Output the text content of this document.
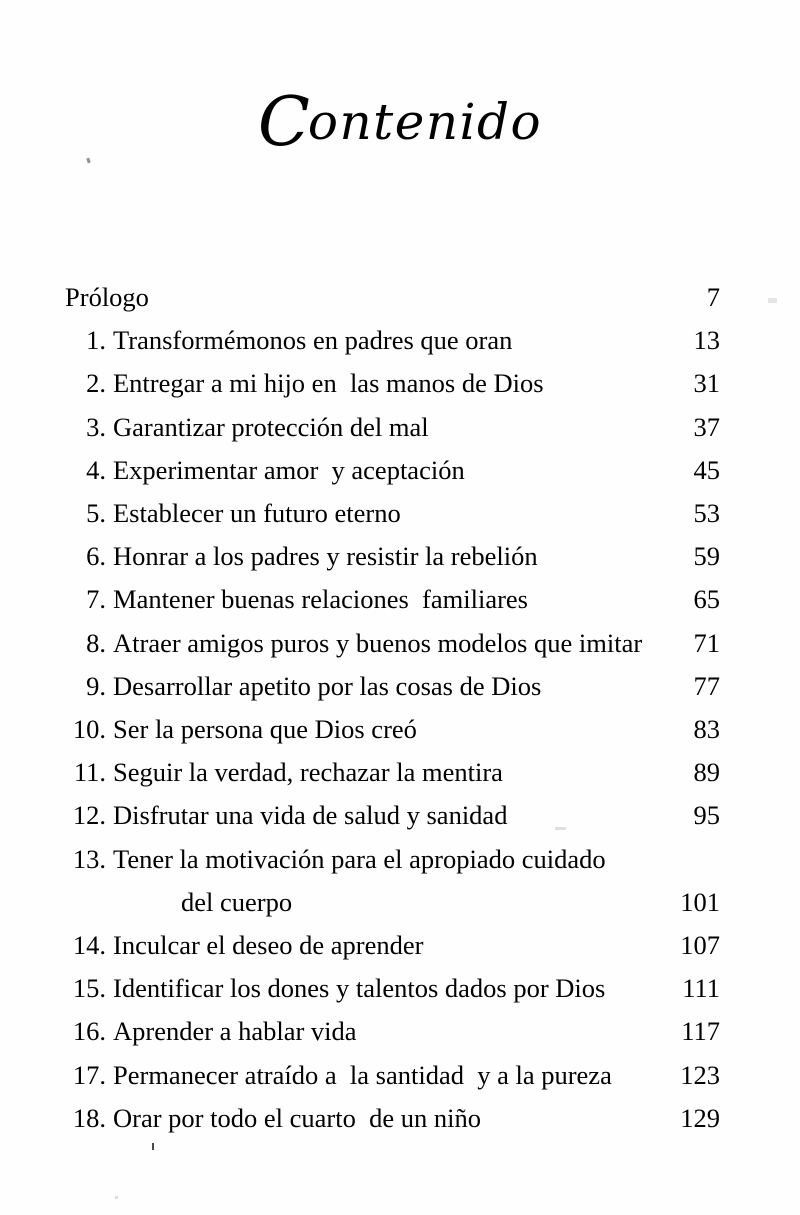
Contenido
Prólogo	7
1. Transformémonos en padres que oran	13
2. Entregar a mi hijo en  las manos de Dios	31
3. Garantizar protección del mal	37
4. Experimentar amor  y aceptación	45
5. Establecer un futuro eterno	53
6. Honrar a los padres y resistir la rebelión	59
7. Mantener buenas relaciones  familiares	65
8. Atraer amigos puros y buenos modelos que imitar	71
9. Desarrollar apetito por las cosas de Dios	77
10. Ser la persona que Dios creó	83
11. Seguir la verdad, rechazar la mentira	89
12. Disfrutar una vida de salud y sanidad	95
13. Tener la motivación para el apropiado cuidado
del cuerpo	101
14. Inculcar el deseo de aprender	107
15. Identificar los dones y talentos dados por Dios	111
16. Aprender a hablar vida	117
17. Permanecer atraído a  la santidad  y a la pureza	123
18. Orar por todo el cuarto  de un niño	129
